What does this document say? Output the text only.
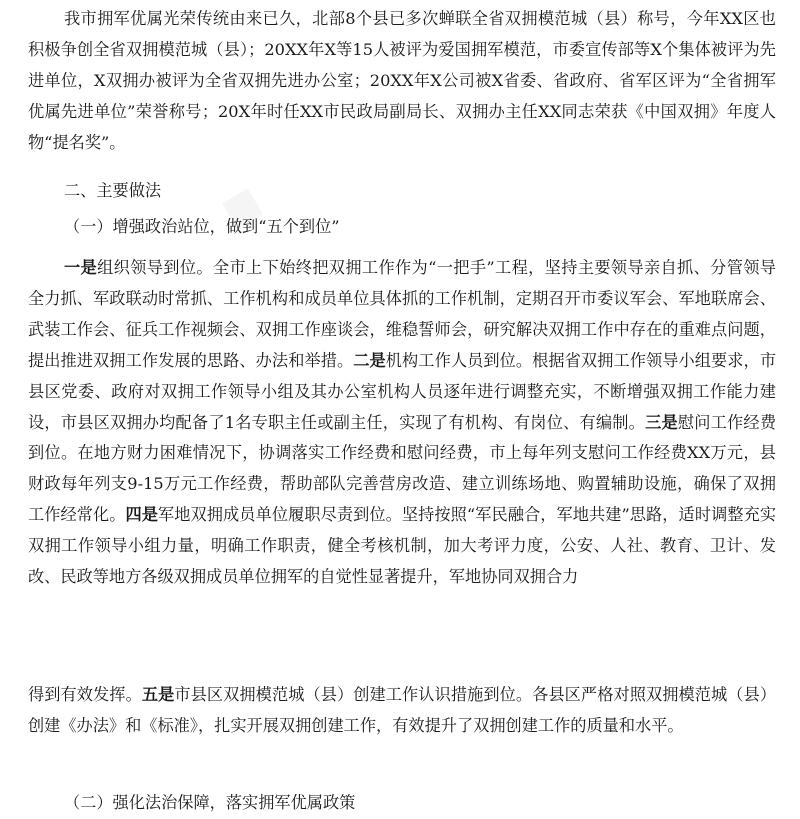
▪

我市拥军优属光荣传统由来已久，北部8个县已多次蝉联全省双拥模范城（县）称号，今年XX区也积极争创全省双拥模范城（县）；20XX年X等15人被评为爱国拥军模范，市委宣传部等X个集体被评为先进单位，X双拥办被评为全省双拥先进办公室；20XX年X公司被X省委、省政府、省军区评为“全省拥军优属先进单位”荣誉称号；20X年时任XX市民政局副局长、双拥办主任XX同志荣获《中国双拥》年度人物“提名奖”。

二、主要做法

（一）增强政治站位，做到“五个到位”

一是组织领导到位。全市上下始终把双拥工作作为“一把手”工程，坚持主要领导亲自抓、分管领导全力抓、军政联动时常抓、工作机构和成员单位具体抓的工作机制，定期召开市委议军会、军地联席会、武装工作会、征兵工作视频会、双拥工作座谈会，维稳誓师会，研究解决双拥工作中存在的重难点问题，提出推进双拥工作发展的思路、办法和举措。二是机构工作人员到位。根据省双拥工作领导小组要求，市县区党委、政府对双拥工作领导小组及其办公室机构人员逐年进行调整充实，不断增强双拥工作能力建设，市县区双拥办均配备了1名专职主任或副主任，实现了有机构、有岗位、有编制。三是慰问工作经费到位。在地方财力困难情况下，协调落实工作经费和慰问经费，市上每年列支慰问工作经费XX万元，县财政每年列支9-15万元工作经费，帮助部队完善营房改造、建立训练场地、购置辅助设施，确保了双拥工作经常化。四是军地双拥成员单位履职尽责到位。坚持按照“军民融合，军地共建”思路，适时调整充实双拥工作领导小组力量，明确工作职责，健全考核机制，加大考评力度，公安、人社、教育、卫计、发改、民政等地方各级双拥成员单位拥军的自觉性显著提升，军地协同双拥合力

得到有效发挥。五是市县区双拥模范城（县）创建工作认识措施到位。各县区严格对照双拥模范城（县）创建《办法》和《标准》，扎实开展双拥创建工作，有效提升了双拥创建工作的质量和水平。

（二）强化法治保障，落实拥军优属政策
